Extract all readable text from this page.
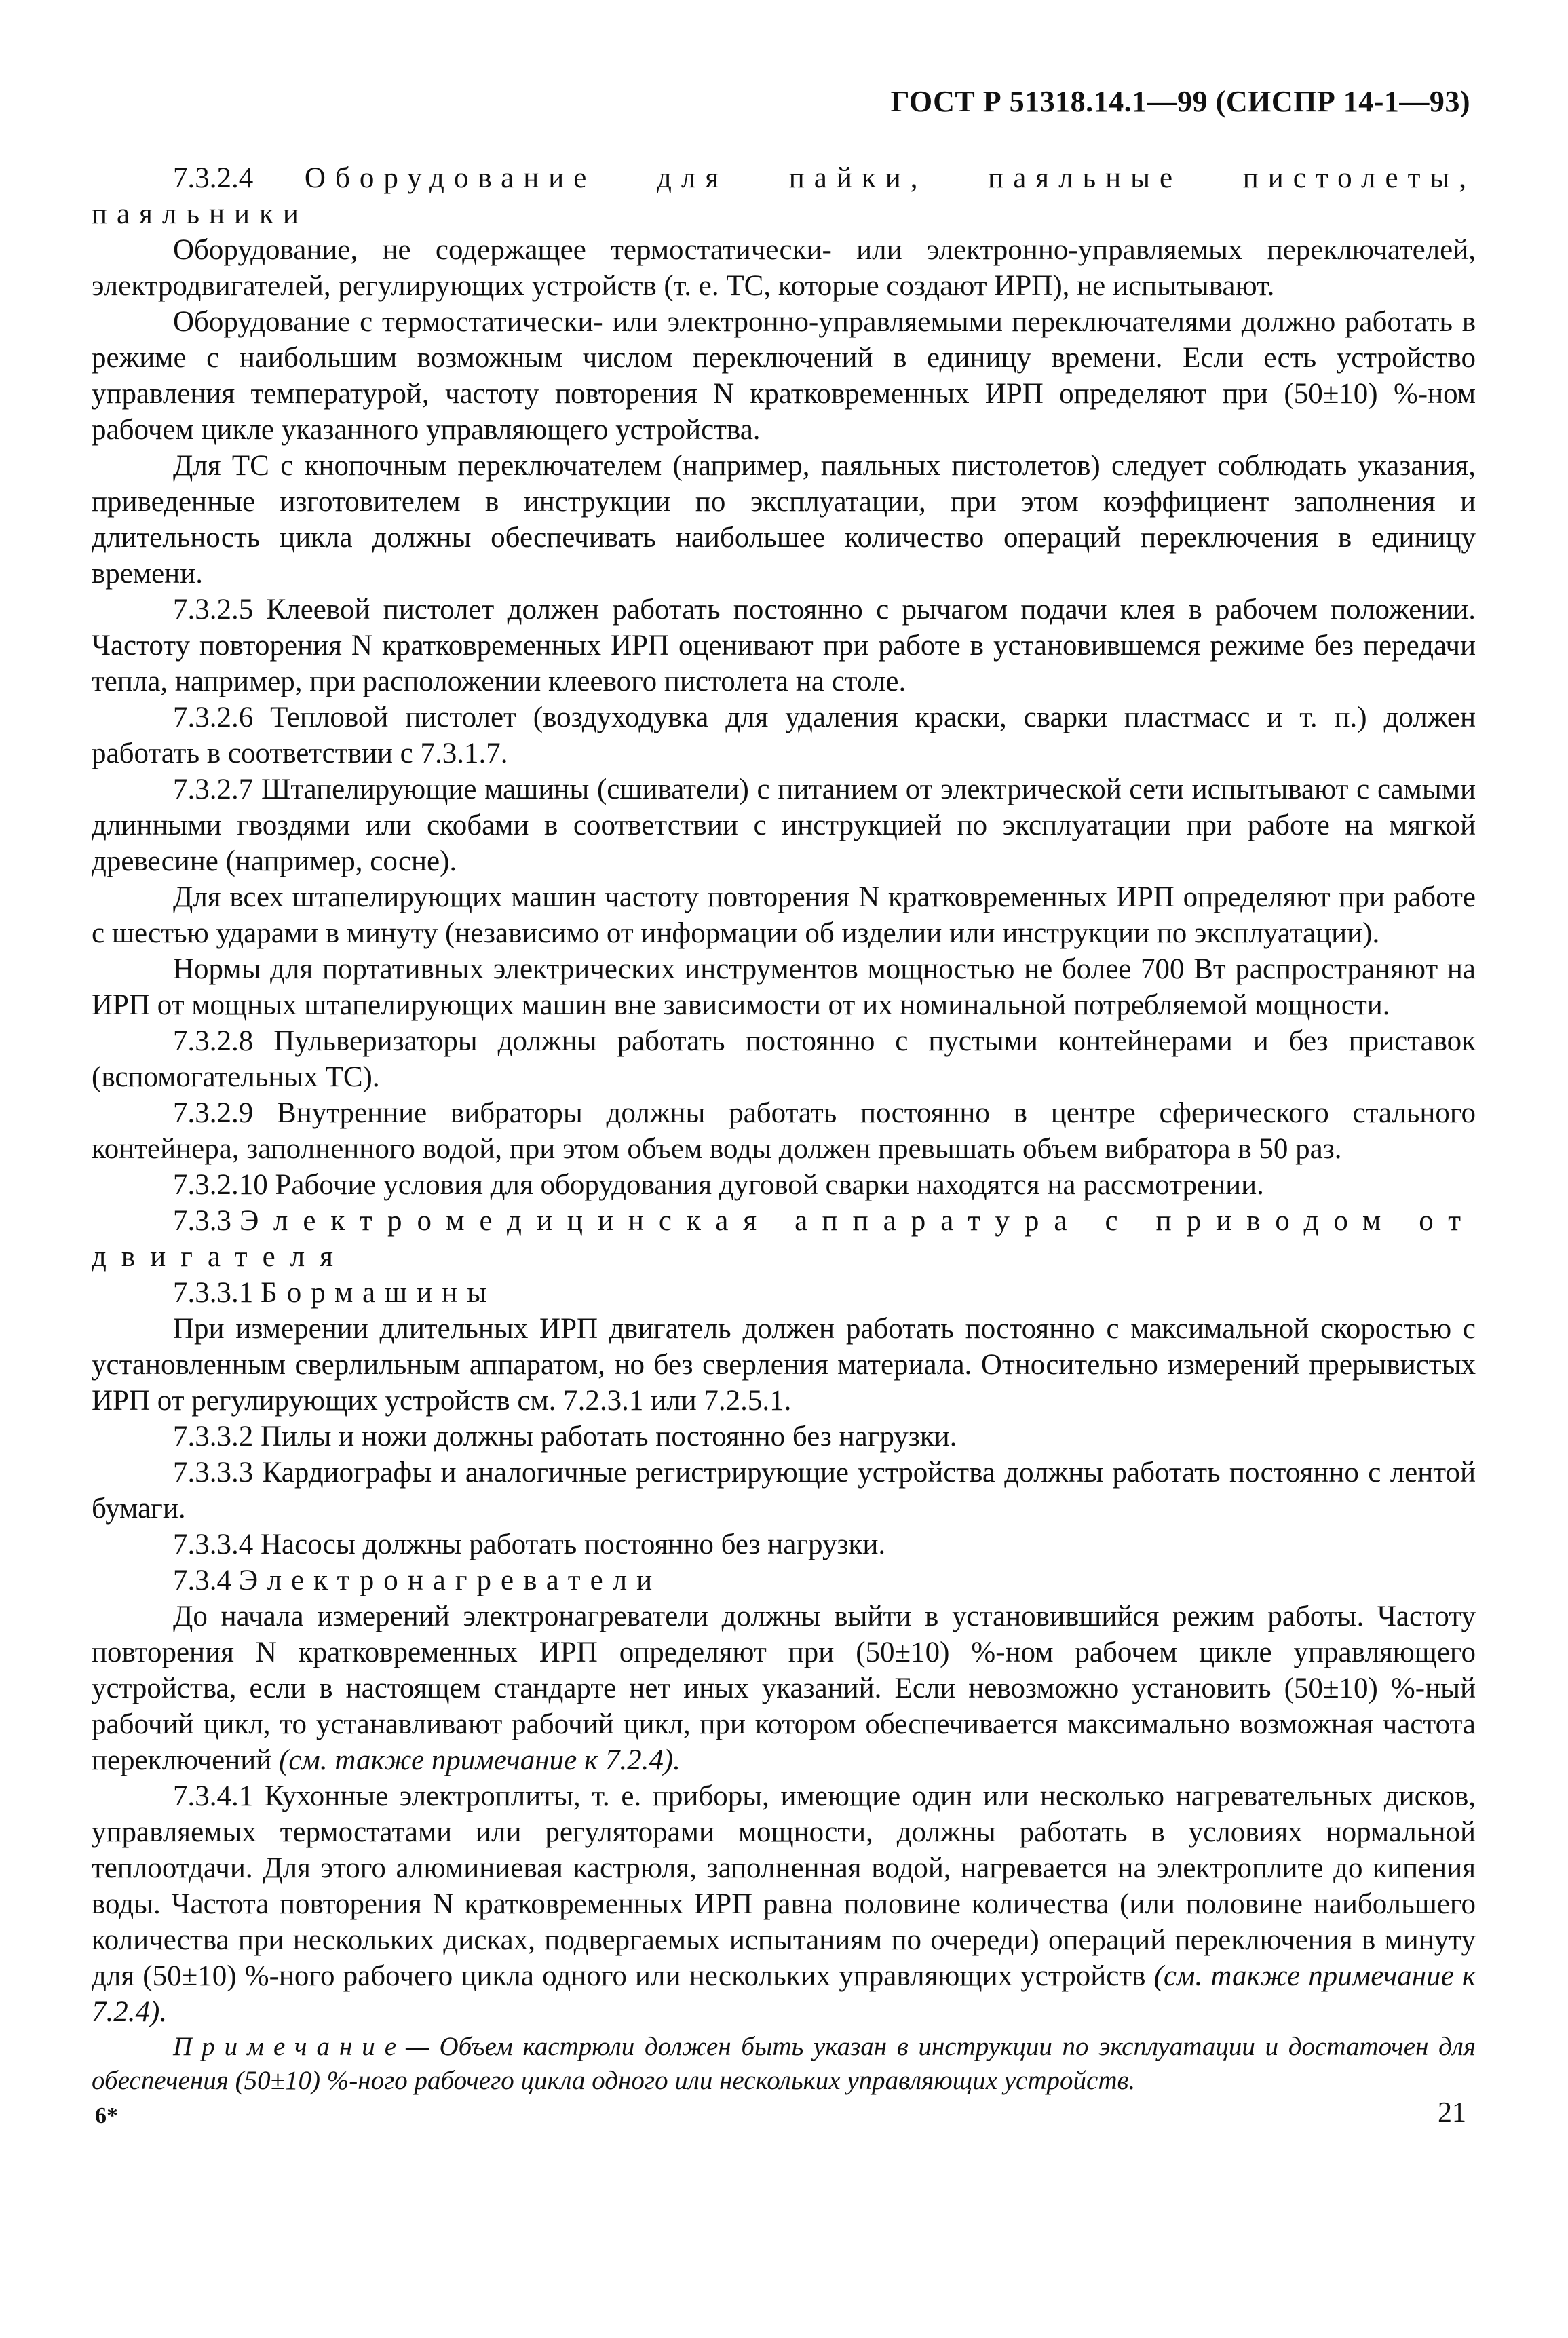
ГОСТ Р 51318.14.1—99 (СИСПР 14-1—93)

7.3.2.4 Оборудование для пайки, паяльные пистолеты, паяльники

Оборудование, не содержащее термостатически- или электронно-управляемых переключателей, электродвигателей, регулирующих устройств (т. е. ТС, которые создают ИРП), не испытывают.

Оборудование с термостатически- или электронно-управляемыми переключателями должно работать в режиме с наибольшим возможным числом переключений в единицу времени. Если есть устройство управления температурой, частоту повторения N кратковременных ИРП определяют при (50±10) %-ном рабочем цикле указанного управляющего устройства.

Для ТС с кнопочным переключателем (например, паяльных пистолетов) следует соблюдать указания, приведенные изготовителем в инструкции по эксплуатации, при этом коэффициент заполнения и длительность цикла должны обеспечивать наибольшее количество операций переключения в единицу времени.

7.3.2.5 Клеевой пистолет должен работать постоянно с рычагом подачи клея в рабочем положении. Частоту повторения N кратковременных ИРП оценивают при работе в установившемся режиме без передачи тепла, например, при расположении клеевого пистолета на столе.

7.3.2.6 Тепловой пистолет (воздуходувка для удаления краски, сварки пластмасс и т. п.) должен работать в соответствии с 7.3.1.7.

7.3.2.7 Штапелирующие машины (сшиватели) с питанием от электрической сети испытывают с самыми длинными гвоздями или скобами в соответствии с инструкцией по эксплуатации при работе на мягкой древесине (например, сосне).

Для всех штапелирующих машин частоту повторения N кратковременных ИРП определяют при работе с шестью ударами в минуту (независимо от информации об изделии или инструкции по эксплуатации).

Нормы для портативных электрических инструментов мощностью не более 700 Вт распространяют на ИРП от мощных штапелирующих машин вне зависимости от их номинальной потребляемой мощности.

7.3.2.8 Пульверизаторы должны работать постоянно с пустыми контейнерами и без приставок (вспомогательных ТС).

7.3.2.9 Внутренние вибраторы должны работать постоянно в центре сферического стального контейнера, заполненного водой, при этом объем воды должен превышать объем вибратора в 50 раз.

7.3.2.10 Рабочие условия для оборудования дуговой сварки находятся на рассмотрении.

7.3.3 Электромедицинская аппаратура с приводом от двигателя

7.3.3.1 Бормашины

При измерении длительных ИРП двигатель должен работать постоянно с максимальной скоростью с установленным сверлильным аппаратом, но без сверления материала. Относительно измерений прерывистых ИРП от регулирующих устройств см. 7.2.3.1 или 7.2.5.1.

7.3.3.2 Пилы и ножи должны работать постоянно без нагрузки.

7.3.3.3 Кардиографы и аналогичные регистрирующие устройства должны работать постоянно с лентой бумаги.

7.3.3.4 Насосы должны работать постоянно без нагрузки.

7.3.4 Электронагреватели

До начала измерений электронагреватели должны выйти в установившийся режим работы. Частоту повторения N кратковременных ИРП определяют при (50±10) %-ном рабочем цикле управляющего устройства, если в настоящем стандарте нет иных указаний. Если невозможно установить (50±10) %-ный рабочий цикл, то устанавливают рабочий цикл, при котором обеспечивается максимально возможная частота переключений (см. также примечание к 7.2.4).

7.3.4.1 Кухонные электроплиты, т. е. приборы, имеющие один или несколько нагревательных дисков, управляемых термостатами или регуляторами мощности, должны работать в условиях нормальной теплоотдачи. Для этого алюминиевая кастрюля, заполненная водой, нагревается на электроплите до кипения воды. Частота повторения N кратковременных ИРП равна половине количества (или половине наибольшего количества при нескольких дисках, подвергаемых испытаниям по очереди) операций переключения в минуту для (50±10) %-ного рабочего цикла одного или нескольких управляющих устройств (см. также примечание к 7.2.4).

Примечание— Объем кастрюли должен быть указан в инструкции по эксплуатации и достаточен для обеспечения (50±10) %-ного рабочего цикла одного или нескольких управляющих устройств.

6*	21
